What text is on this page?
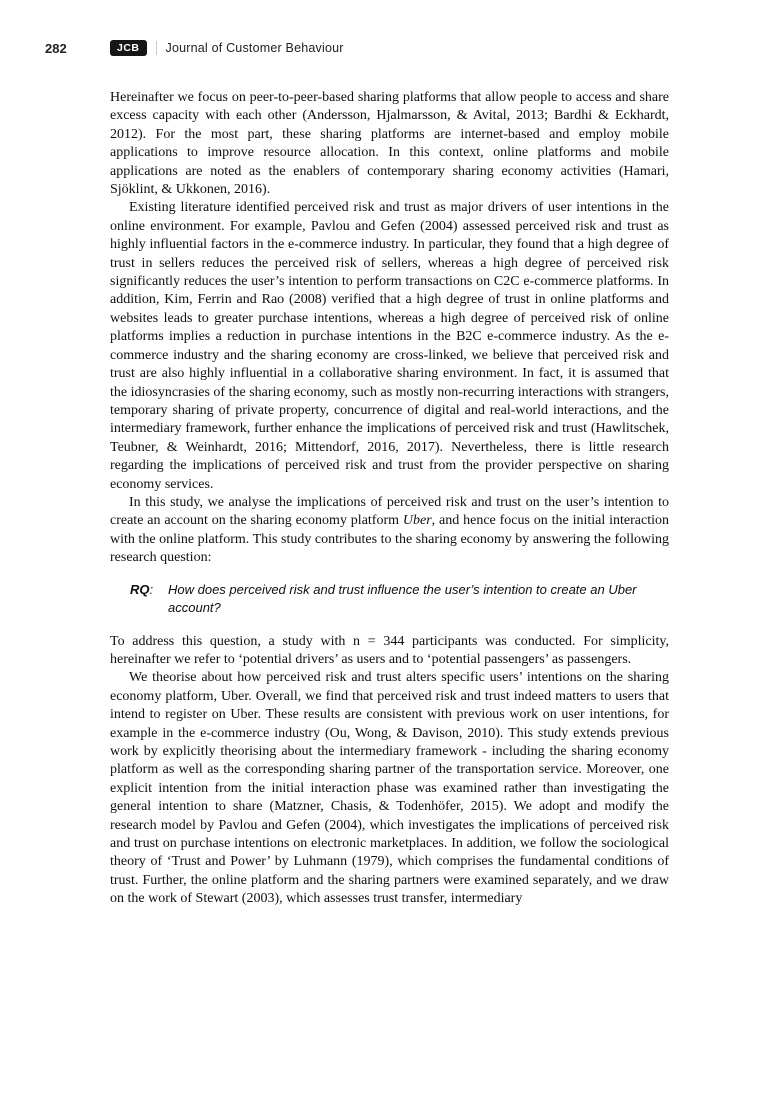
282	JCB	Journal of Customer Behaviour

Hereinafter we focus on peer-to-peer-based sharing platforms that allow people to access and share excess capacity with each other (Andersson, Hjalmarsson, & Avital, 2013; Bardhi & Eckhardt, 2012). For the most part, these sharing platforms are internet-based and employ mobile applications to improve resource allocation. In this context, online platforms and mobile applications are noted as the enablers of contemporary sharing economy activities (Hamari, Sjöklint, & Ukkonen, 2016).

Existing literature identified perceived risk and trust as major drivers of user intentions in the online environment. For example, Pavlou and Gefen (2004) assessed perceived risk and trust as highly influential factors in the e-commerce industry. In particular, they found that a high degree of trust in sellers reduces the perceived risk of sellers, whereas a high degree of perceived risk significantly reduces the user’s intention to perform transactions on C2C e-commerce platforms. In addition, Kim, Ferrin and Rao (2008) verified that a high degree of trust in online platforms and websites leads to greater purchase intentions, whereas a high degree of perceived risk of online platforms implies a reduction in purchase intentions in the B2C e-commerce industry. As the e-commerce industry and the sharing economy are cross-linked, we believe that perceived risk and trust are also highly influential in a collaborative sharing environment. In fact, it is assumed that the idiosyncrasies of the sharing economy, such as mostly non-recurring interactions with strangers, temporary sharing of private property, concurrence of digital and real-world interactions, and the intermediary framework, further enhance the implications of perceived risk and trust (Hawlitschek, Teubner, & Weinhardt, 2016; Mittendorf, 2016, 2017). Nevertheless, there is little research regarding the implications of perceived risk and trust from the provider perspective on sharing economy services.

In this study, we analyse the implications of perceived risk and trust on the user’s intention to create an account on the sharing economy platform Uber, and hence focus on the initial interaction with the online platform. This study contributes to the sharing economy by answering the following research question:

RQ:	How does perceived risk and trust influence the user’s intention to create an Uber account?

To address this question, a study with n = 344 participants was conducted. For simplicity, hereinafter we refer to ‘potential drivers’ as users and to ‘potential passengers’ as passengers.

We theorise about how perceived risk and trust alters specific users’ intentions on the sharing economy platform, Uber. Overall, we find that perceived risk and trust indeed matters to users that intend to register on Uber. These results are consistent with previous work on user intentions, for example in the e-commerce industry (Ou, Wong, & Davison, 2010). This study extends previous work by explicitly theorising about the intermediary framework - including the sharing economy platform as well as the corresponding sharing partner of the transportation service. Moreover, one explicit intention from the initial interaction phase was examined rather than investigating the general intention to share (Matzner, Chasis, & Todenhöfer, 2015). We adopt and modify the research model by Pavlou and Gefen (2004), which investigates the implications of perceived risk and trust on purchase intentions on electronic marketplaces. In addition, we follow the sociological theory of ‘Trust and Power’ by Luhmann (1979), which comprises the fundamental conditions of trust. Further, the online platform and the sharing partners were examined separately, and we draw on the work of Stewart (2003), which assesses trust transfer, intermediary
